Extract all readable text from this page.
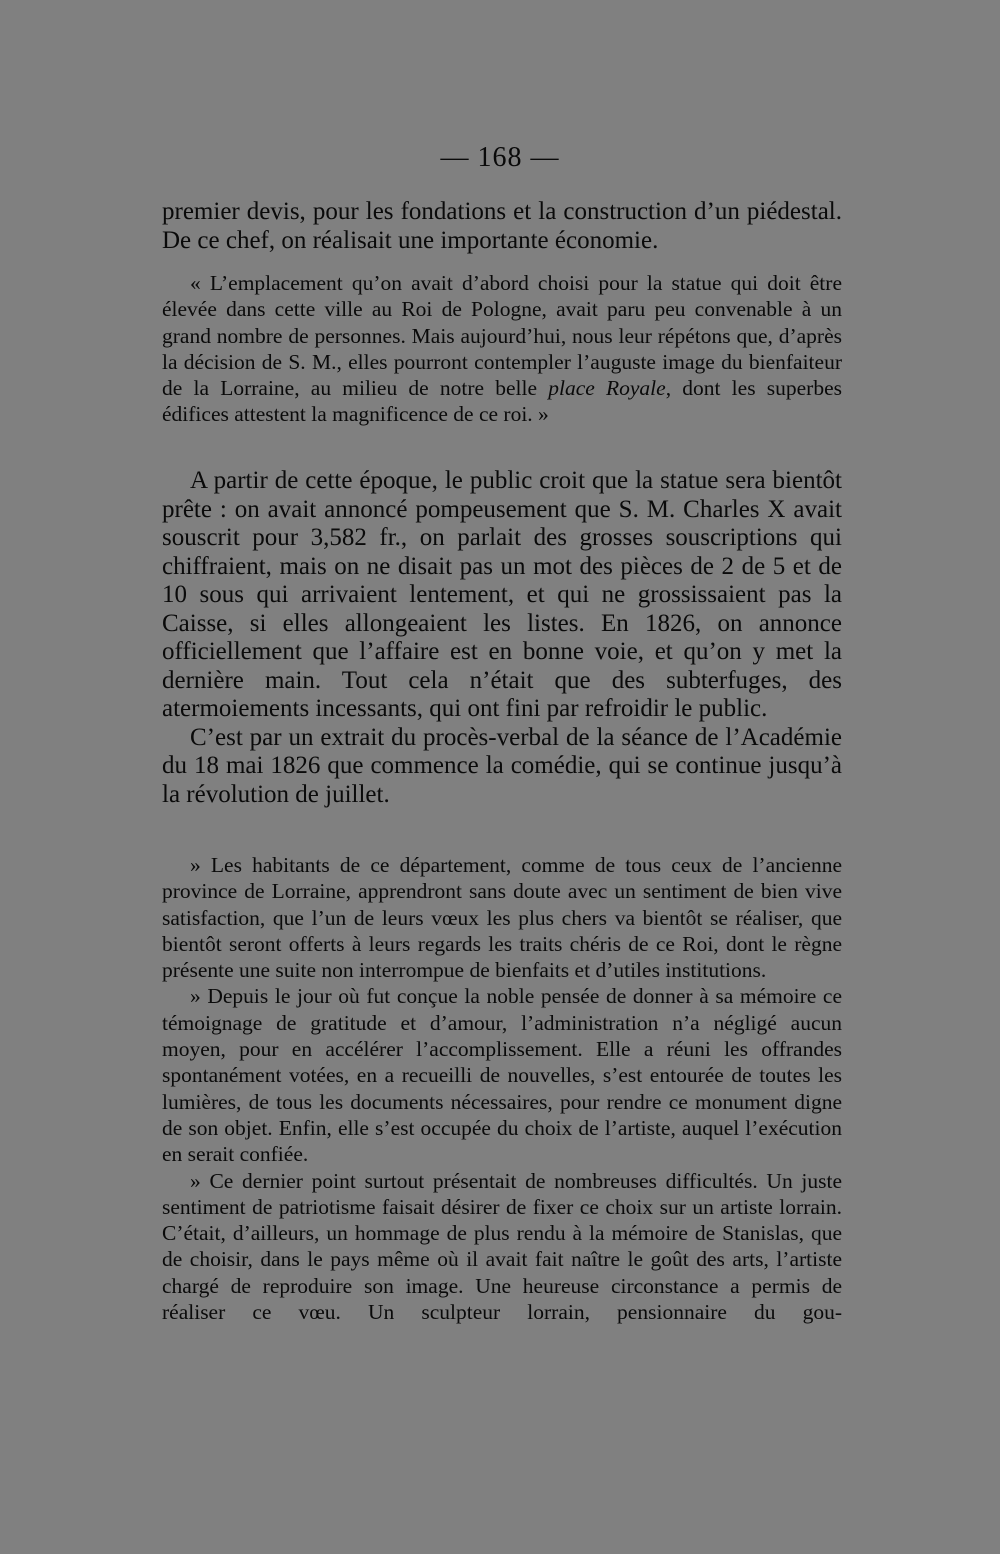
— 168 —

premier devis, pour les fondations et la construction d’un piédestal. De ce chef, on réalisait une importante économie.

« L’emplacement qu’on avait d’abord choisi pour la statue qui doit être élevée dans cette ville au Roi de Pologne, avait paru peu convenable à un grand nombre de personnes. Mais aujourd’hui, nous leur répétons que, d’après la décision de S. M., elles pourront contempler l’auguste image du bienfaiteur de la Lorraine, au milieu de notre belle place Royale, dont les superbes édifices attestent la magnificence de ce roi. »

A partir de cette époque, le public croit que la statue sera bientôt prête : on avait annoncé pompeusement que S. M. Charles X avait souscrit pour 3,582 fr., on parlait des grosses souscriptions qui chiffraient, mais on ne disait pas un mot des pièces de 2 de 5 et de 10 sous qui arrivaient lentement, et qui ne grossissaient pas la Caisse, si elles allongeaient les listes. En 1826, on annonce officiellement que l’affaire est en bonne voie, et qu’on y met la dernière main. Tout cela n’était que des subterfuges, des atermoiements incessants, qui ont fini par refroidir le public.

C’est par un extrait du procès-verbal de la séance de l’Académie du 18 mai 1826 que commence la comédie, qui se continue jusqu’à la révolution de juillet.

» Les habitants de ce département, comme de tous ceux de l’ancienne province de Lorraine, apprendront sans doute avec un sentiment de bien vive satisfaction, que l’un de leurs vœux les plus chers va bientôt se réaliser, que bientôt seront offerts à leurs regards les traits chéris de ce Roi, dont le règne présente une suite non interrompue de bienfaits et d’utiles institutions.

» Depuis le jour où fut conçue la noble pensée de donner à sa mémoire ce témoignage de gratitude et d’amour, l’administration n’a négligé aucun moyen, pour en accélérer l’accomplissement. Elle a réuni les offrandes spontanément votées, en a recueilli de nouvelles, s’est entourée de toutes les lumières, de tous les documents nécessaires, pour rendre ce monument digne de son objet. Enfin, elle s’est occupée du choix de l’artiste, auquel l’exécution en serait confiée.

» Ce dernier point surtout présentait de nombreuses difficultés. Un juste sentiment de patriotisme faisait désirer de fixer ce choix sur un artiste lorrain. C’était, d’ailleurs, un hommage de plus rendu à la mémoire de Stanislas, que de choisir, dans le pays même où il avait fait naître le goût des arts, l’artiste chargé de reproduire son image. Une heureuse circonstance a permis de réaliser ce vœu. Un sculpteur lorrain, pensionnaire du gou-
